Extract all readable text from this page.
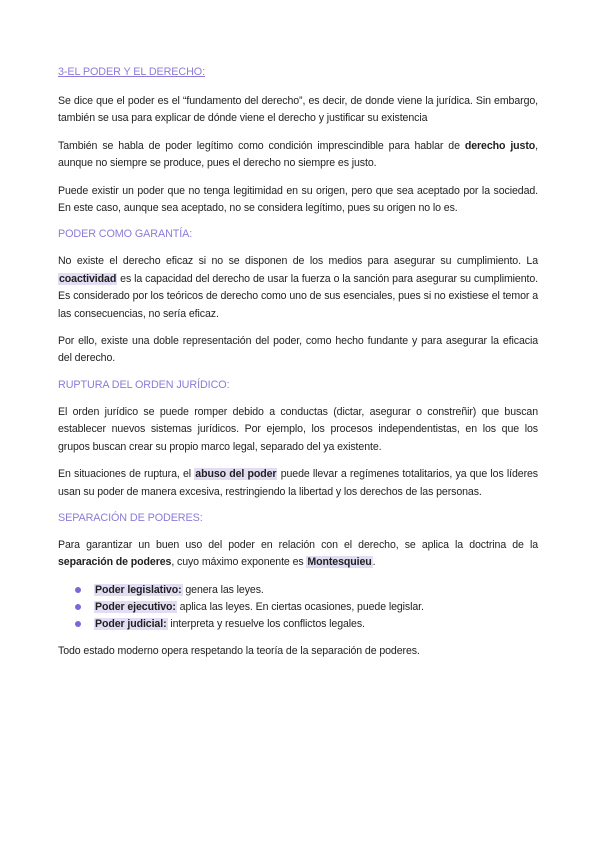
3-EL PODER Y EL DERECHO:

Se dice que el poder es el “fundamento del derecho”, es decir, de donde viene la jurídica. Sin embargo, también se usa para explicar de dónde viene el derecho y justificar su existencia

También se habla de poder legítimo como condición imprescindible para hablar de derecho justo, aunque no siempre se produce, pues el derecho no siempre es justo.

Puede existir un poder que no tenga legitimidad en su origen, pero que sea aceptado por la sociedad. En este caso, aunque sea aceptado, no se considera legítimo, pues su origen no lo es.

PODER COMO GARANTÍA:

No existe el derecho eficaz si no se disponen de los medios para asegurar su cumplimiento. La coactividad es la capacidad del derecho de usar la fuerza o la sanción para asegurar su cumplimiento. Es considerado por los teóricos de derecho como uno de sus esenciales, pues si no existiese el temor a las consecuencias, no sería eficaz.

Por ello, existe una doble representación del poder, como hecho fundante y para asegurar la eficacia del derecho.

RUPTURA DEL ORDEN JURÍDICO:

El orden jurídico se puede romper debido a conductas (dictar, asegurar o constreñir) que buscan establecer nuevos sistemas jurídicos. Por ejemplo, los procesos independentistas, en los que los grupos buscan crear su propio marco legal, separado del ya existente.

En situaciones de ruptura, el abuso del poder puede llevar a regímenes totalitarios, ya que los líderes usan su poder de manera excesiva, restringiendo la libertad y los derechos de las personas.

SEPARACIÓN DE PODERES:

Para garantizar un buen uso del poder en relación con el derecho, se aplica la doctrina de la separación de poderes, cuyo máximo exponente es Montesquieu.

Poder legislativo: genera las leyes.
Poder ejecutivo: aplica las leyes. En ciertas ocasiones, puede legislar.
Poder judicial: interpreta y resuelve los conflictos legales.

Todo estado moderno opera respetando la teoría de la separación de poderes.
